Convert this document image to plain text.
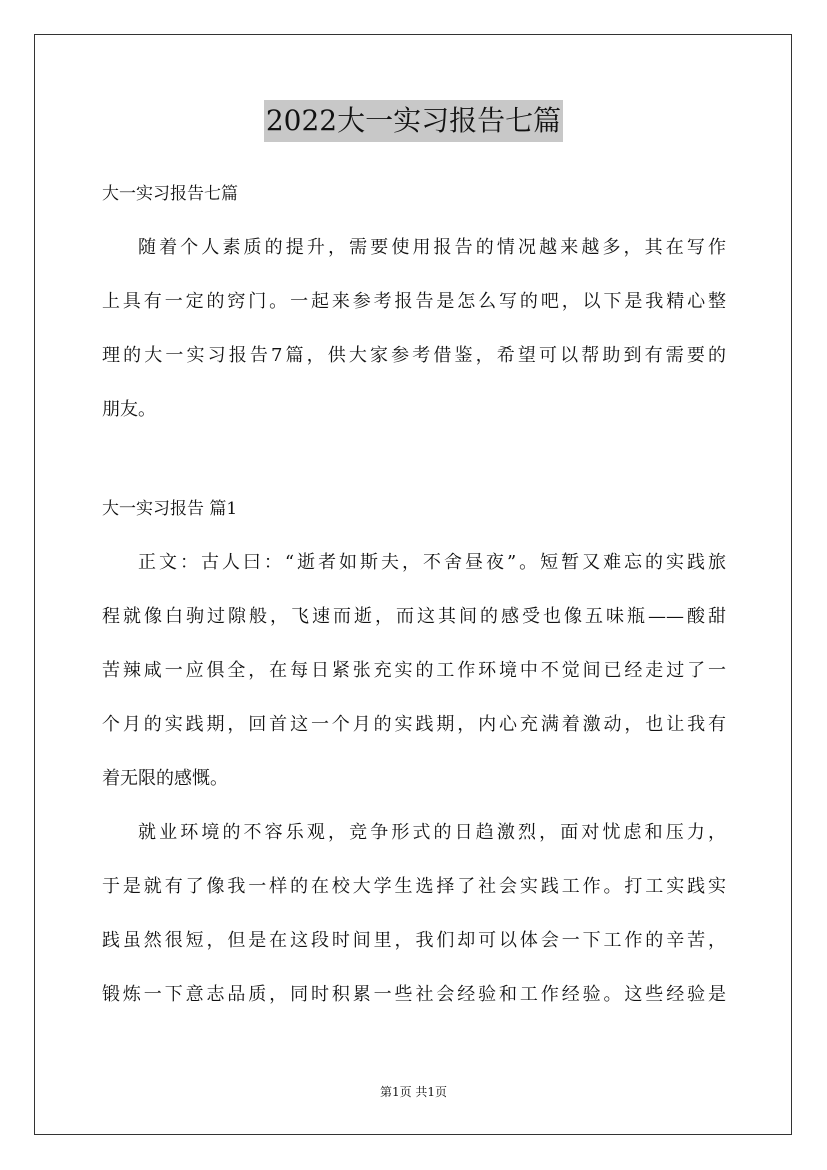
2022大一实习报告七篇
大一实习报告七篇

随着个人素质的提升，需要使用报告的情况越来越多，其在写作
上具有一定的窍门。一起来参考报告是怎么写的吧，以下是我精心整
理的大一实习报告7篇，供大家参考借鉴，希望可以帮助到有需要的
朋友。

大一实习报告 篇1

正文：古人曰：“逝者如斯夫，不舍昼夜”。短暂又难忘的实践旅
程就像白驹过隙般，飞速而逝，而这其间的感受也像五味瓶——酸甜
苦辣咸一应俱全，在每日紧张充实的工作环境中不觉间已经走过了一
个月的实践期，回首这一个月的实践期，内心充满着激动，也让我有
着无限的感慨。

就业环境的不容乐观，竞争形式的日趋激烈，面对忧虑和压力，
于是就有了像我一样的在校大学生选择了社会实践工作。打工实践实
践虽然很短，但是在这段时间里，我们却可以体会一下工作的辛苦，
锻炼一下意志品质，同时积累一些社会经验和工作经验。这些经验是

第1页 共1页
